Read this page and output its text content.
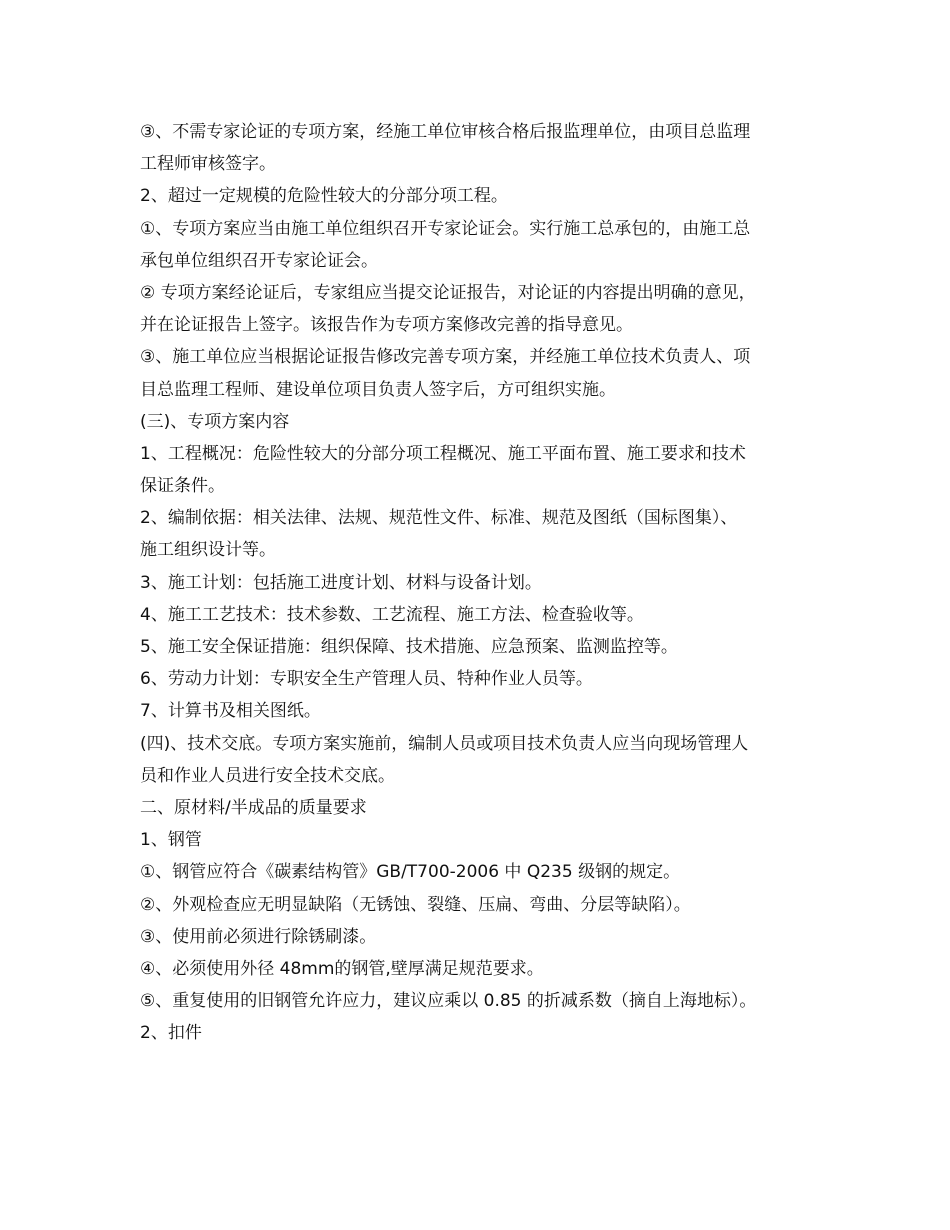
③、不需专家论证的专项方案，经施工单位审核合格后报监理单位，由项目总监理
工程师审核签字。
2、超过一定规模的危险性较大的分部分项工程。
①、专项方案应当由施工单位组织召开专家论证会。实行施工总承包的，由施工总
承包单位组织召开专家论证会。
② 专项方案经论证后，专家组应当提交论证报告，对论证的内容提出明确的意见，
并在论证报告上签字。该报告作为专项方案修改完善的指导意见。
③、施工单位应当根据论证报告修改完善专项方案，并经施工单位技术负责人、项
目总监理工程师、建设单位项目负责人签字后，方可组织实施。
(三)、专项方案内容
1、工程概况：危险性较大的分部分项工程概况、施工平面布置、施工要求和技术
保证条件。
2、编制依据：相关法律、法规、规范性文件、标准、规范及图纸（国标图集）、
施工组织设计等。
3、施工计划：包括施工进度计划、材料与设备计划。
4、施工工艺技术：技术参数、工艺流程、施工方法、检查验收等。
5、施工安全保证措施：组织保障、技术措施、应急预案、监测监控等。
6、劳动力计划：专职安全生产管理人员、特种作业人员等。
7、计算书及相关图纸。
(四)、技术交底。专项方案实施前，编制人员或项目技术负责人应当向现场管理人
员和作业人员进行安全技术交底。
二、原材料/半成品的质量要求
1、钢管
①、钢管应符合《碳素结构管》GB/T700-2006 中 Q235 级钢的规定。
②、外观检查应无明显缺陷（无锈蚀、裂缝、压扁、弯曲、分层等缺陷）。
③、使用前必须进行除锈刷漆。
④、必须使用外径 48mm的钢管,壁厚满足规范要求。
⑤、重复使用的旧钢管允许应力，建议应乘以 0.85 的折减系数（摘自上海地标）。
2、扣件
